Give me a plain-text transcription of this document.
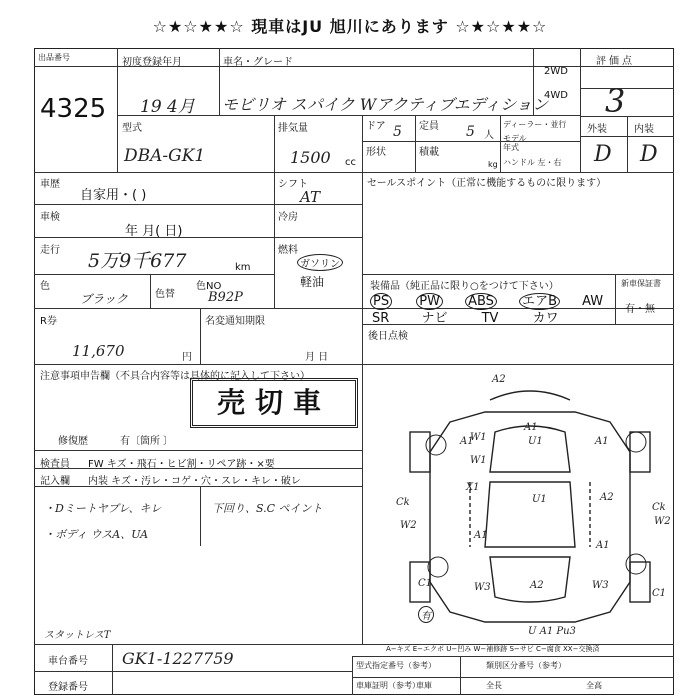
☆★☆★★☆ 現車はJU 旭川にあります ☆★☆★★☆
出品番号
4325
初度登録年月
19 4月
車名・グレード
モビリオ スパイク Wアクティブエディション
2WD
4WD
評価点
3
外装	内装
D D
型式
DBA-GK1
排気量
1500 cc
ドア 5 定員 5 人
ディーラー・並行
モデル年式
ハンドル 左・右
形状	積載
kg
車歴
自家用・( )
シフト
AT
車検
年 月( 日)
冷房
走行 5万9千677	km
燃料
ガソリン
軽油
色
ブラック	色替
色NO
B92P
セールスポイント（正常に機能するものに限ります）
装備品（純正品に限り○をつけて下さい）
PS PW ABS エアB AW
SR ナビ	TV	カワ
新車保証書
有・無
後日点検
R券
11,670	円
名変通知期限
月 日
注意事項申告欄（不具合内容等は具体的に記入して下さい）
売切車
修復歴	有〔箇所 〕
検査員 FW キズ・飛石・ヒビ割・リペア跡・×要
記入欄 内装 キズ・汚レ・コゲ・穴・スレ・キレ・破レ
・Dミートヤブレ、キレ	下回り、S.C ペイント
・ボディ ウスA、UA
スタットレスT
A2
A1
U1
W1
W1
A1	A1
U1	A2
X1
Ck
W2
Ck
W2
A1
A1
C1	W3	A2	W3
C1
U A1 Pu3
有
A−キズ E−エクボ U−凹み W−補修跡 S−サビ C−腐食 XX−交換済
車台番号 GK1-1227759
登録番号
型式指定番号（参考）	類別区分番号（参考）
車庫証明（参考）
車庫	全長	全高
